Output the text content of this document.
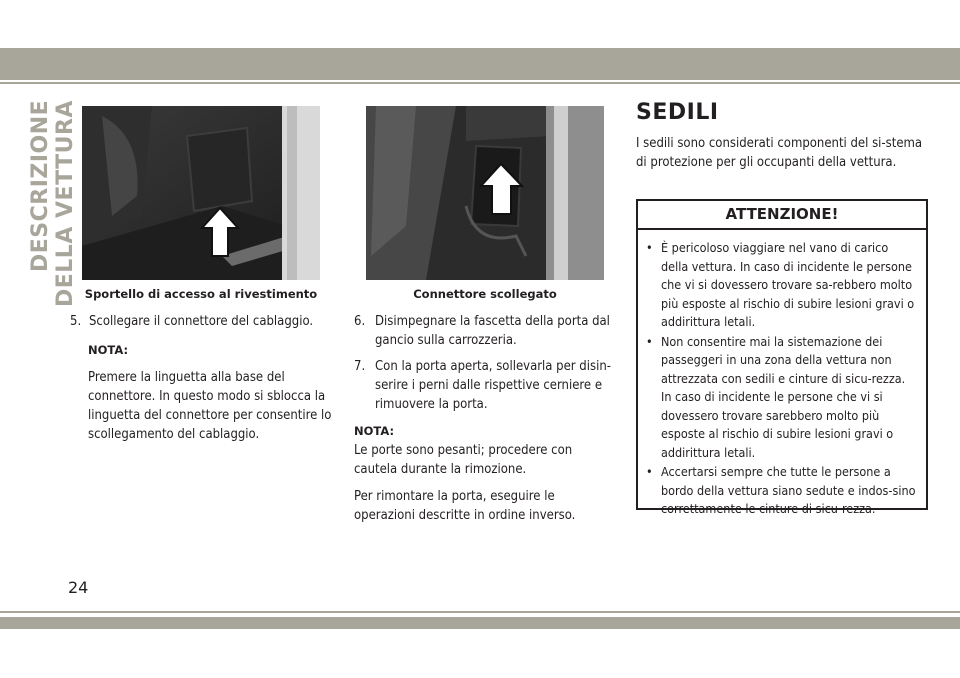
DESCRIZIONE DELLA VETTURA Sportello di accesso al rivestimento	Connettore scollegato

5. Scollegare il connettore del cablaggio.

NOTA:

Premere la linguetta alla base del connettore. In questo modo si sblocca la linguetta del connettore per consentire lo scollegamento del cablaggio.

6. Disimpegnare la fascetta della porta dal gancio sulla carrozzeria.

7. Con la porta aperta, sollevarla per disin-serire i perni dalle rispettive cerniere e rimuovere la porta.

NOTA:

Le porte sono pesanti; procedere con cautela durante la rimozione.

Per rimontare la porta, eseguire le operazioni descritte in ordine inverso.

SEDILI
I sedili sono considerati componenti del si-stema di protezione per gli occupanti della vettura.
ATTENZIONE!
• È pericoloso viaggiare nel vano di carico della vettura. In caso di incidente le persone che vi si dovessero trovare sa-rebbero molto più esposte al rischio di subire lesioni gravi o addirittura letali.
• Non consentire mai la sistemazione dei passeggeri in una zona della vettura non attrezzata con sedili e cinture di sicu-rezza. In caso di incidente le persone che vi si dovessero trovare sarebbero molto più esposte al rischio di subire lesioni gravi o addirittura letali.
• Accertarsi sempre che tutte le persone a bordo della vettura siano sedute e indos-sino correttamente le cinture di sicu-rezza.
24
